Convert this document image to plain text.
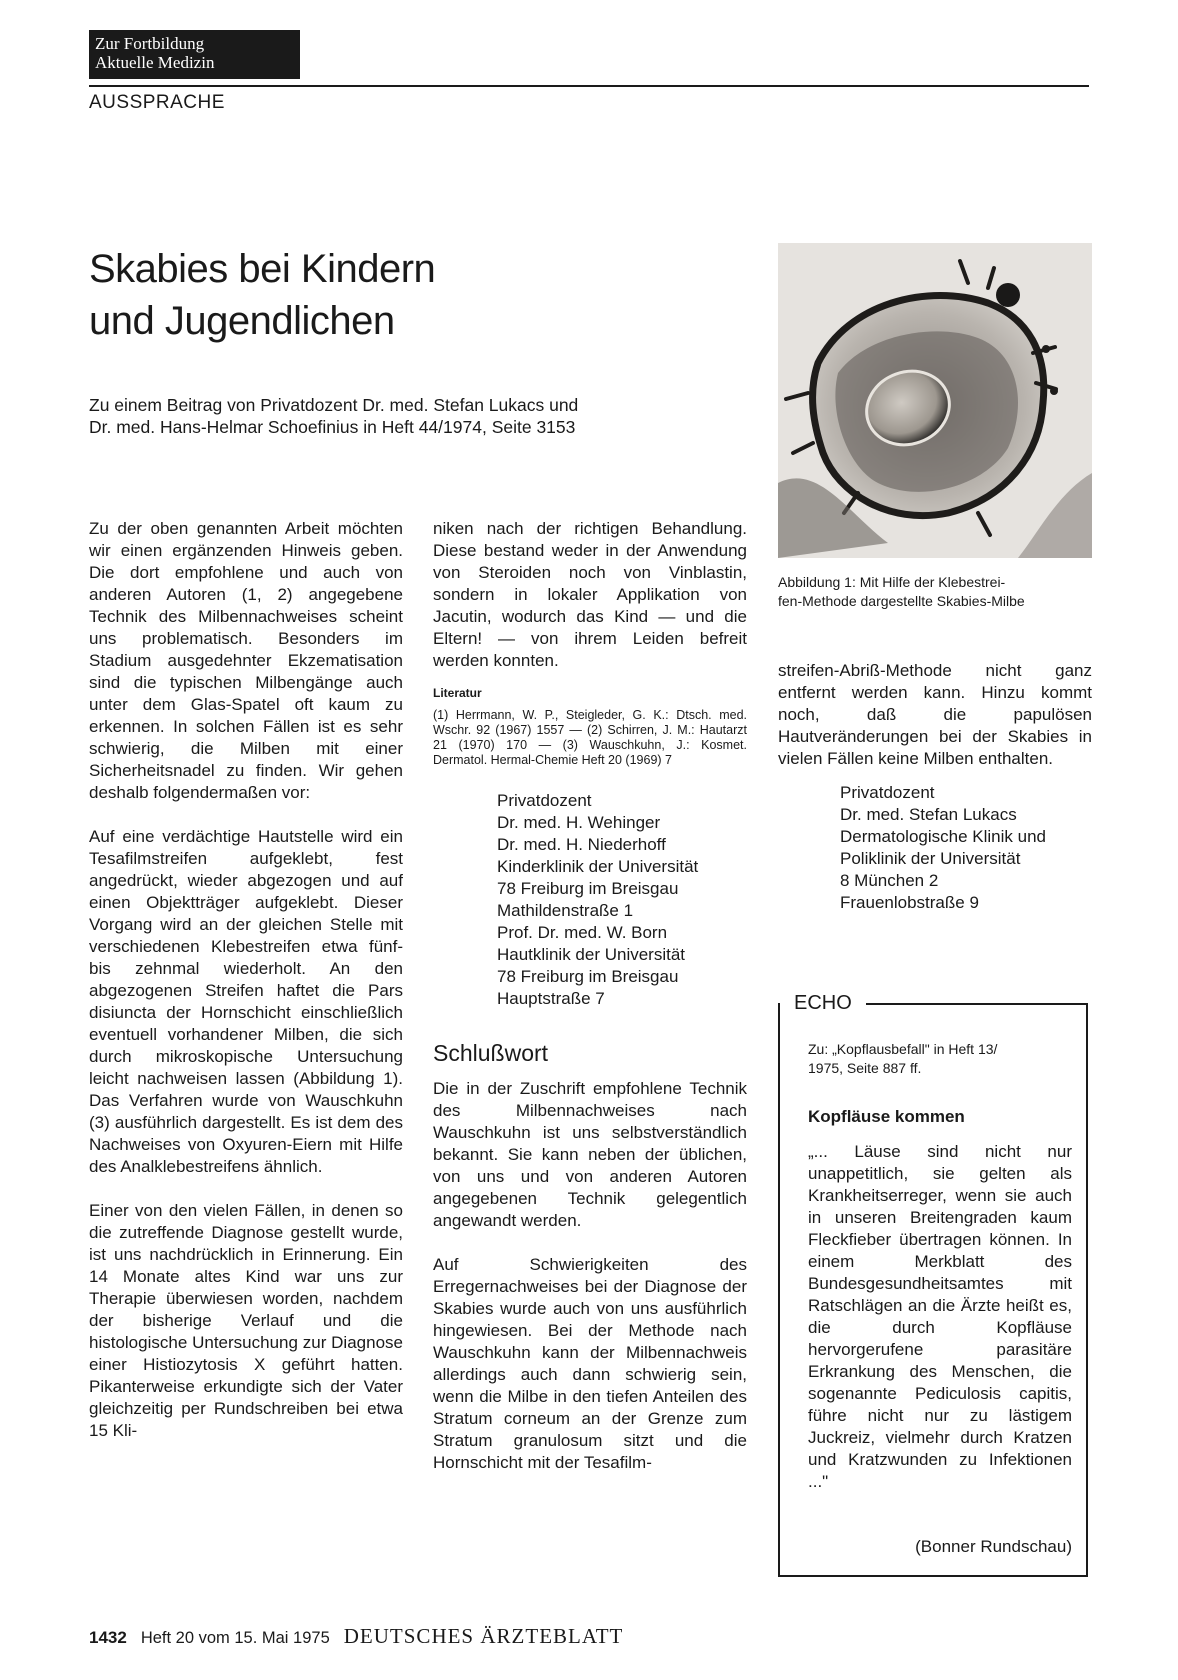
Zur Fortbildung
Aktuelle Medizin
AUSSPRACHE
Skabies bei Kindern
und Jugendlichen
Zu einem Beitrag von Privatdozent Dr. med. Stefan Lukacs und
Dr. med. Hans-Helmar Schoefinius in Heft 44/1974, Seite 3153
Abbildung 1: Mit Hilfe der Klebestrei-
fen-Methode dargestellte Skabies-Milbe

Zu der oben genannten Arbeit möchten wir einen ergänzenden Hinweis geben. Die dort empfohlene und auch von anderen Autoren (1, 2) angegebene Technik des Milbennachweises scheint uns problematisch. Besonders im Stadium ausgedehnter Ekzematisation sind die typischen Milbengänge auch unter dem Glas-Spatel oft kaum zu erkennen. In solchen Fällen ist es sehr schwierig, die Milben mit einer Sicherheitsnadel zu finden. Wir gehen deshalb folgendermaßen vor:

Auf eine verdächtige Hautstelle wird ein Tesafilmstreifen aufgeklebt, fest angedrückt, wieder abgezogen und auf einen Objektträger aufgeklebt. Dieser Vorgang wird an der gleichen Stelle mit verschiedenen Klebestreifen etwa fünf- bis zehnmal wiederholt. An den abgezogenen Streifen haftet die Pars disiuncta der Hornschicht einschließlich eventuell vorhandener Milben, die sich durch mikroskopische Untersuchung leicht nachweisen lassen (Abbildung 1). Das Verfahren wurde von Wauschkuhn (3) ausführlich dargestellt. Es ist dem des Nachweises von Oxyuren-Eiern mit Hilfe des Analklebestreifens ähnlich.

Einer von den vielen Fällen, in denen so die zutreffende Diagnose gestellt wurde, ist uns nachdrücklich in Erinnerung. Ein 14 Monate altes Kind war uns zur Therapie überwiesen worden, nachdem der bisherige Verlauf und die histologische Untersuchung zur Diagnose einer Histiozytosis X geführt hatten. Pikanterweise erkundigte sich der Vater gleichzeitig per Rundschreiben bei etwa 15 Kli-

niken nach der richtigen Behandlung. Diese bestand weder in der Anwendung von Steroiden noch von Vinblastin, sondern in lokaler Applikation von Jacutin, wodurch das Kind — und die Eltern! — von ihrem Leiden befreit werden konnten.

Literatur
(1) Herrmann, W. P., Steigleder, G. K.: Dtsch. med. Wschr. 92 (1967) 1557 — (2) Schirren, J. M.: Hautarzt 21 (1970) 170 — (3) Wauschkuhn, J.: Kosmet. Dermatol. Hermal-Chemie Heft 20 (1969) 7
Privatdozent
Dr. med. H. Wehinger
Dr. med. H. Niederhoff
Kinderklinik der Universität
78 Freiburg im Breisgau
Mathildenstraße 1
Prof. Dr. med. W. Born
Hautklinik der Universität
78 Freiburg im Breisgau
Hauptstraße 7
Schlußwort

Die in der Zuschrift empfohlene Technik des Milbennachweises nach Wauschkuhn ist uns selbstverständlich bekannt. Sie kann neben der üblichen, von uns und von anderen Autoren angegebenen Technik gelegentlich angewandt werden.

Auf Schwierigkeiten des Erregernachweises bei der Diagnose der Skabies wurde auch von uns ausführlich hingewiesen. Bei der Methode nach Wauschkuhn kann der Milbennachweis allerdings auch dann schwierig sein, wenn die Milbe in den tiefen Anteilen des Stratum corneum an der Grenze zum Stratum granulosum sitzt und die Hornschicht mit der Tesafilm-

streifen-Abriß-Methode nicht ganz entfernt werden kann. Hinzu kommt noch, daß die papulösen Hautveränderungen bei der Skabies in vielen Fällen keine Milben enthalten.

Privatdozent
Dr. med. Stefan Lukacs
Dermatologische Klinik und
Poliklinik der Universität
8 München 2
Frauenlobstraße 9
ECHO
Zu: „Kopflausbefall" in Heft 13/
1975, Seite 887 ff.
Kopfläuse kommen
„... Läuse sind nicht nur unappetitlich, sie gelten als Krankheitserreger, wenn sie auch in unseren Breitengraden kaum Fleckfieber übertragen können. In einem Merkblatt des Bundesgesundheitsamtes mit Ratschlägen an die Ärzte heißt es, die durch Kopfläuse hervorgerufene parasitäre Erkrankung des Menschen, die sogenannte Pediculosis capitis, führe nicht nur zu lästigem Juckreiz, vielmehr durch Kratzen und Kratzwunden zu Infektionen ..."
(Bonner Rundschau)
1432 Heft 20 vom 15. Mai 1975 DEUTSCHES ÄRZTEBLATT
